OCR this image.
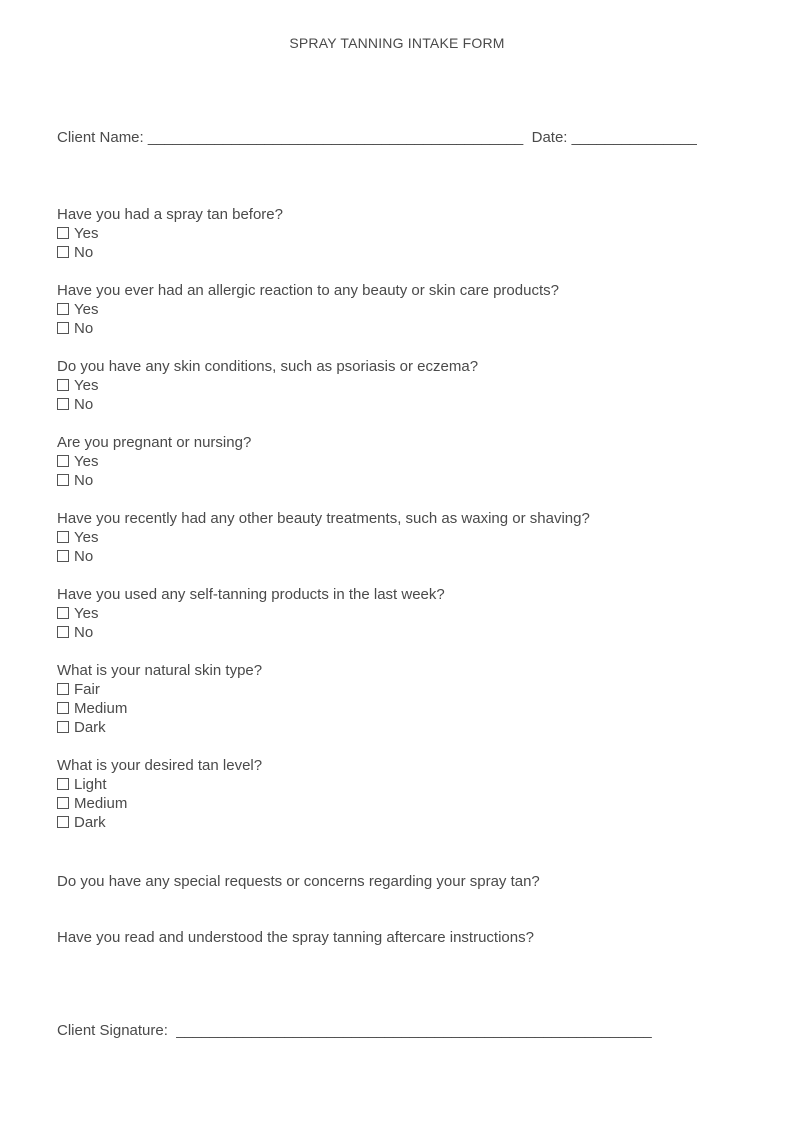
SPRAY TANNING INTAKE FORM
Client Name: _____________________________________________ Date: _______________
Have you had a spray tan before?
Yes
No
Have you ever had an allergic reaction to any beauty or skin care products?
Yes
No
Do you have any skin conditions, such as psoriasis or eczema?
Yes
No
Are you pregnant or nursing?
Yes
No
Have you recently had any other beauty treatments, such as waxing or shaving?
Yes
No
Have you used any self-tanning products in the last week?
Yes
No
What is your natural skin type?
Fair
Medium
Dark
What is your desired tan level?
Light
Medium
Dark
Do you have any special requests or concerns regarding your spray tan?
Have you read and understood the spray tanning aftercare instructions?
Client Signature:  _________________________________________________________
